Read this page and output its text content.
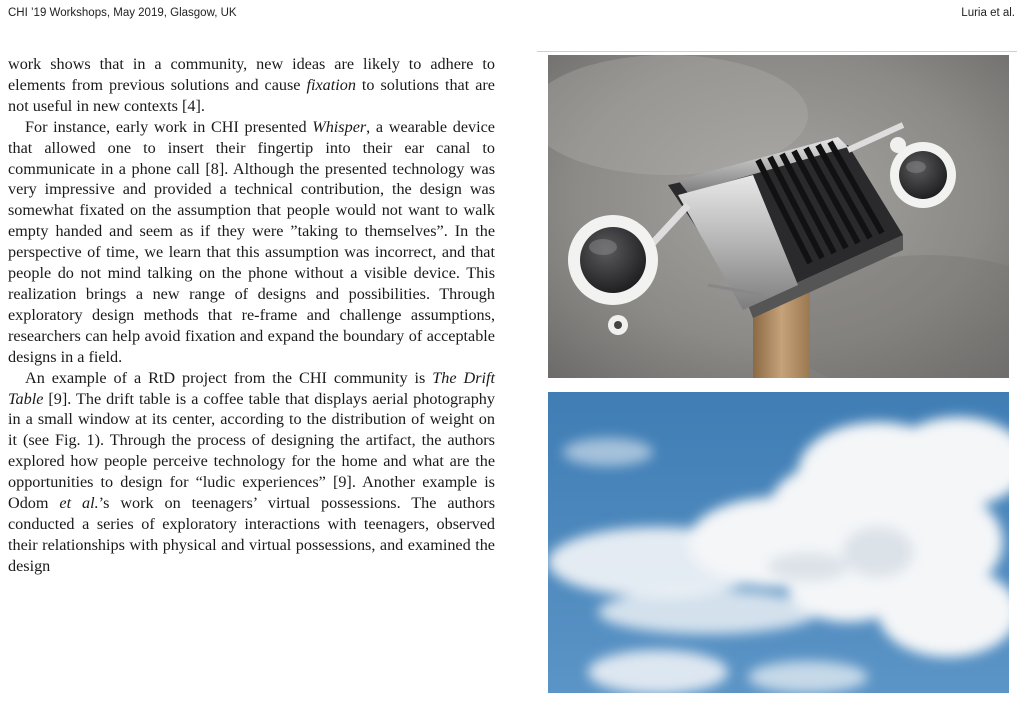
CHI ’19 Workshops, May 2019, Glasgow, UK	Luria et al.

work shows that in a community, new ideas are likely to adhere to elements from previous solutions and cause fixation to solutions that are not useful in new contexts [4].

For instance, early work in CHI presented Whisper, a wearable device that allowed one to insert their fingertip into their ear canal to communicate in a phone call [8]. Although the presented technology was very impressive and provided a technical contribution, the design was somewhat fixated on the assumption that people would not want to walk empty handed and seem as if they were ”taking to themselves”. In the perspective of time, we learn that this assumption was incorrect, and that people do not mind talking on the phone without a visible device. This realization brings a new range of designs and possibilities. Through exploratory design methods that re-frame and challenge assumptions, researchers can help avoid fixation and expand the boundary of acceptable designs in a field.

An example of a RtD project from the CHI community is The Drift Table [9]. The drift table is a coffee table that displays aerial photography in a small window at its center, according to the distribution of weight on it (see Fig. 1). Through the process of designing the artifact, the authors explored how people perceive technology for the home and what are the opportunities to design for “ludic experiences” [9]. Another example is Odom et al.’s work on teenagers’ virtual possessions. The authors conducted a series of exploratory interactions with teenagers, observed their relationships with physical and virtual possessions, and examined the design
